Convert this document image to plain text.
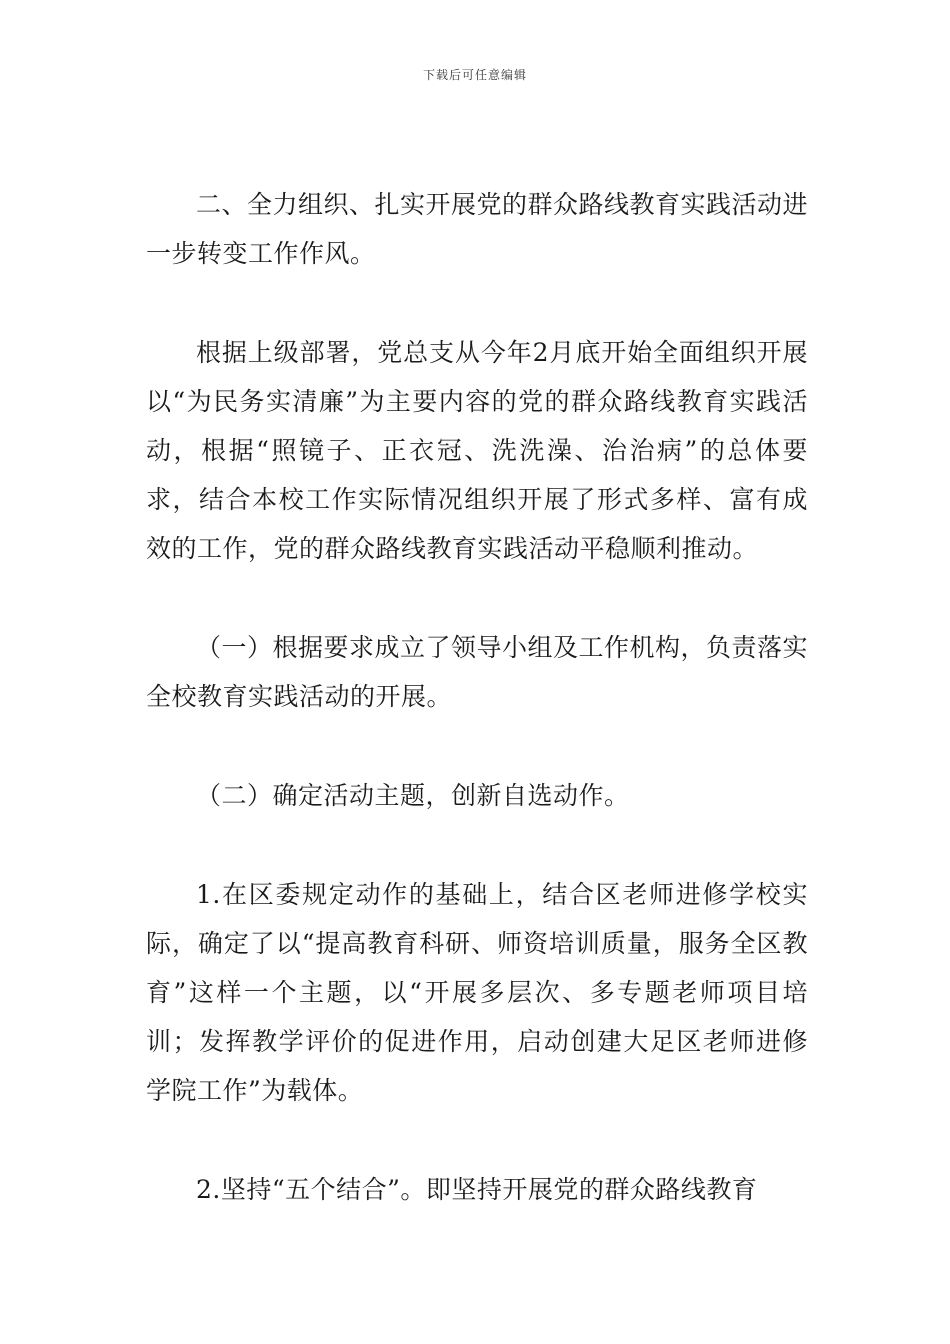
下载后可任意编辑

二、全力组织、扎实开展党的群众路线教育实践活动进一步转变工作作风。

根据上级部署，党总支从今年2月底开始全面组织开展以“为民务实清廉”为主要内容的党的群众路线教育实践活动，根据“照镜子、正衣冠、洗洗澡、治治病”的总体要求，结合本校工作实际情况组织开展了形式多样、富有成效的工作，党的群众路线教育实践活动平稳顺利推动。

（一）根据要求成立了领导小组及工作机构，负责落实全校教育实践活动的开展。

（二）确定活动主题，创新自选动作。

1.在区委规定动作的基础上，结合区老师进修学校实际，确定了以“提高教育科研、师资培训质量，服务全区教育”这样一个主题，以“开展多层次、多专题老师项目培训；发挥教学评价的促进作用，启动创建大足区老师进修学院工作”为载体。

2.坚持“五个结合”。即坚持开展党的群众路线教育
